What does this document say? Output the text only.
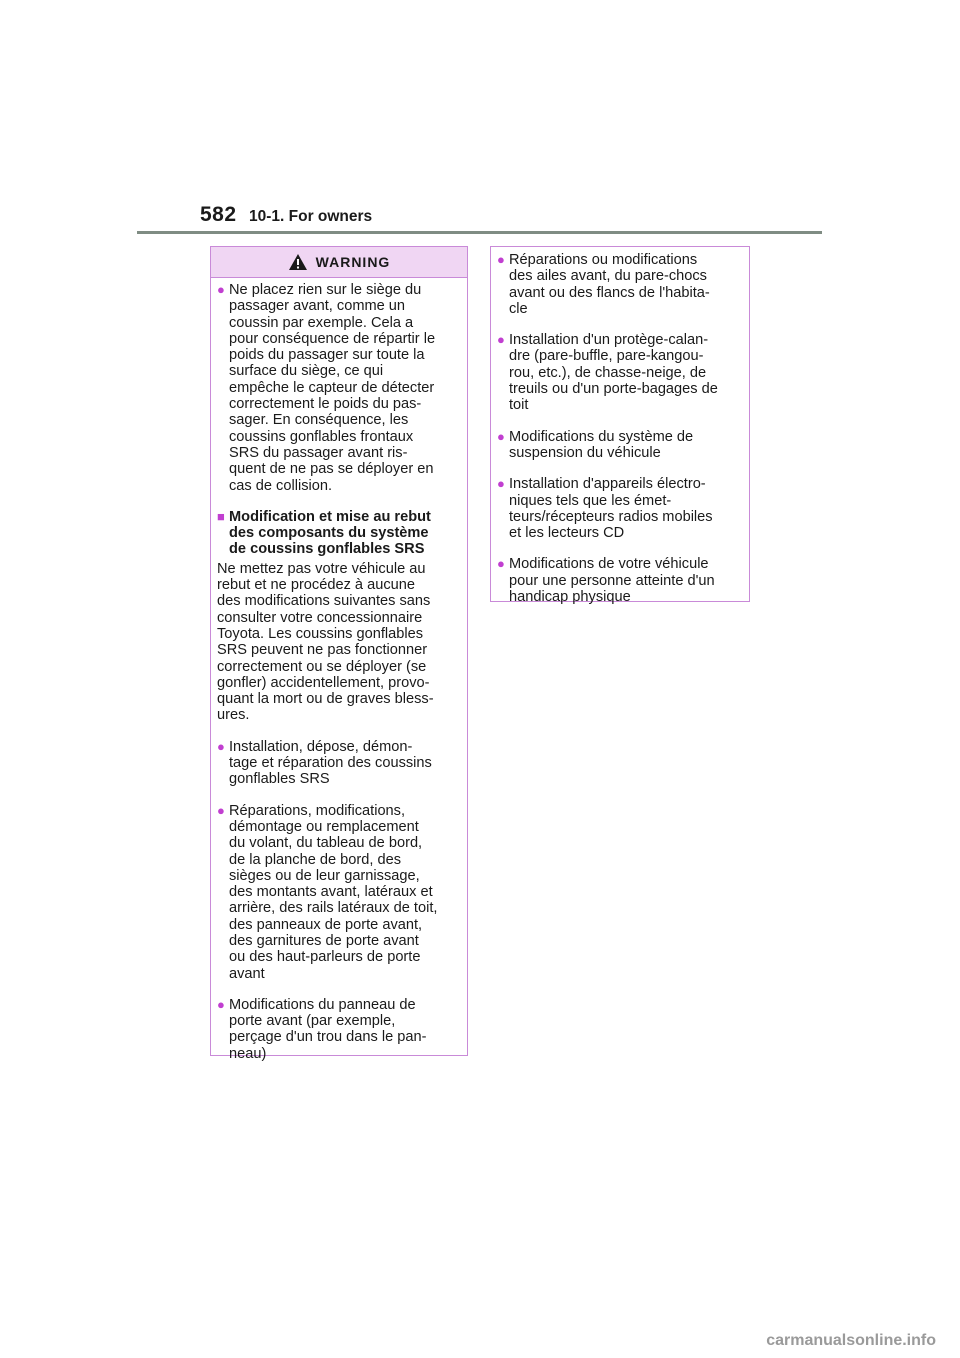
582 10-1. For owners
WARNING
● Ne placez rien sur le siège du
passager avant, comme un
coussin par exemple. Cela a
pour conséquence de répartir le
poids du passager sur toute la
surface du siège, ce qui
empêche le capteur de détecter
correctement le poids du pas-
sager. En conséquence, les
coussins gonflables frontaux
SRS du passager avant ris-
quent de ne pas se déployer en
cas de collision.
■ Modification et mise au rebut
des composants du système
de coussins gonflables SRS
Ne mettez pas votre véhicule au
rebut et ne procédez à aucune
des modifications suivantes sans
consulter votre concessionnaire
Toyota. Les coussins gonflables
SRS peuvent ne pas fonctionner
correctement ou se déployer (se
gonfler) accidentellement, provo-
quant la mort ou de graves bless-
ures.
● Installation, dépose, démon-
tage et réparation des coussins
gonflables SRS
● Réparations, modifications,
démontage ou remplacement
du volant, du tableau de bord,
de la planche de bord, des
sièges ou de leur garnissage,
des montants avant, latéraux et
arrière, des rails latéraux de toit,
des panneaux de porte avant,
des garnitures de porte avant
ou des haut-parleurs de porte
avant
● Modifications du panneau de
porte avant (par exemple,
perçage d'un trou dans le pan-
neau)
● Réparations ou modifications
des ailes avant, du pare-chocs
avant ou des flancs de l'habita-
cle
● Installation d'un protège-calan-
dre (pare-buffle, pare-kangou-
rou, etc.), de chasse-neige, de
treuils ou d'un porte-bagages de
toit
● Modifications du système de
suspension du véhicule
● Installation d'appareils électro-
niques tels que les émet-
teurs/récepteurs radios mobiles
et les lecteurs CD
● Modifications de votre véhicule
pour une personne atteinte d'un
handicap physique
carmanualsonline.info
